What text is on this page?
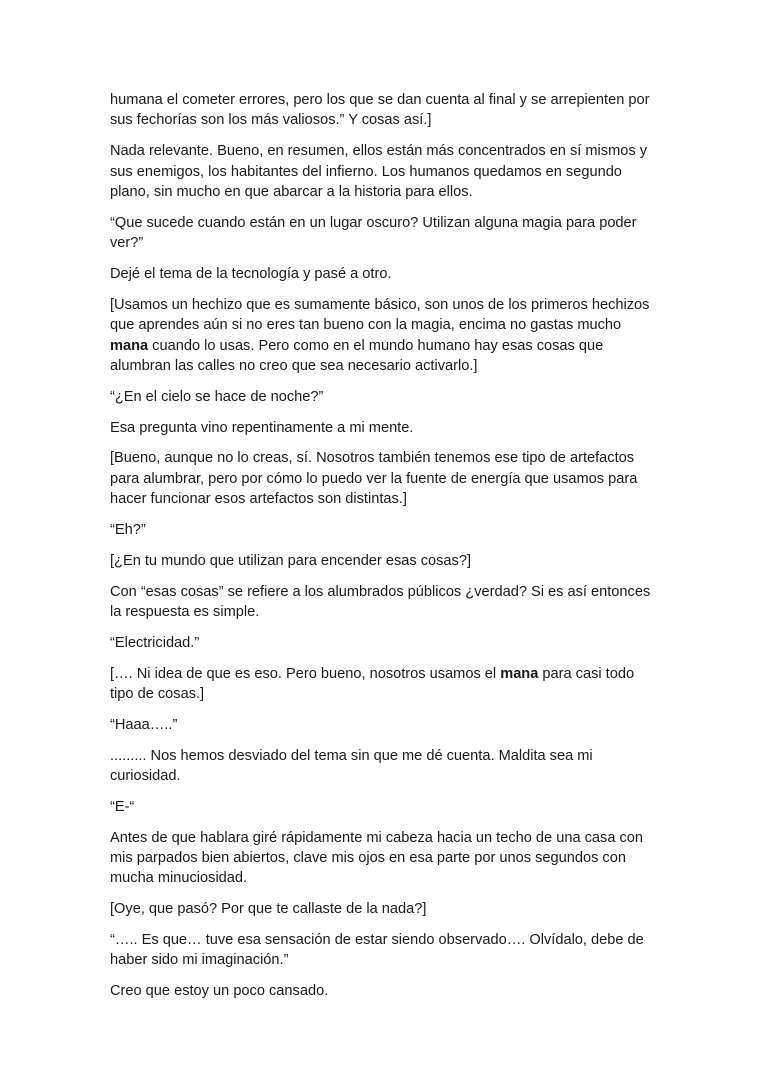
humana el cometer errores, pero los que se dan cuenta al final y se arrepienten por sus fechorías son los más valiosos.” Y cosas así.]

Nada relevante. Bueno, en resumen, ellos están más concentrados en sí mismos y sus enemigos, los habitantes del infierno. Los humanos quedamos en segundo plano, sin mucho en que abarcar a la historia para ellos.

“Que sucede cuando están en un lugar oscuro? Utilizan alguna magia para poder ver?”

Dejé el tema de la tecnología y pasé a otro.

[Usamos un hechizo que es sumamente básico, son unos de los primeros hechizos que aprendes aún si no eres tan bueno con la magia, encima no gastas mucho mana cuando lo usas. Pero como en el mundo humano hay esas cosas que alumbran las calles no creo que sea necesario activarlo.]

“¿En el cielo se hace de noche?”

Esa pregunta vino repentinamente a mi mente.

[Bueno, aunque no lo creas, sí. Nosotros también tenemos ese tipo de artefactos para alumbrar, pero por cómo lo puedo ver la fuente de energía que usamos para hacer funcionar esos artefactos son distintas.]

“Eh?”

[¿En tu mundo que utilizan para encender esas cosas?]

Con “esas cosas” se refiere a los alumbrados públicos ¿verdad? Si es así entonces la respuesta es simple.

“Electricidad.”

[…. Ni idea de que es eso. Pero bueno, nosotros usamos el mana para casi todo tipo de cosas.]

“Haaa…..”

......... Nos hemos desviado del tema sin que me dé cuenta. Maldita sea mi curiosidad.

“E-“

Antes de que hablara giré rápidamente mi cabeza hacia un techo de una casa con mis parpados bien abiertos, clave mis ojos en esa parte por unos segundos con mucha minuciosidad.

[Oye, que pasó? Por que te callaste de la nada?]

“….. Es que… tuve esa sensación de estar siendo observado…. Olvídalo, debe de haber sido mi imaginación.”

Creo que estoy un poco cansado.
